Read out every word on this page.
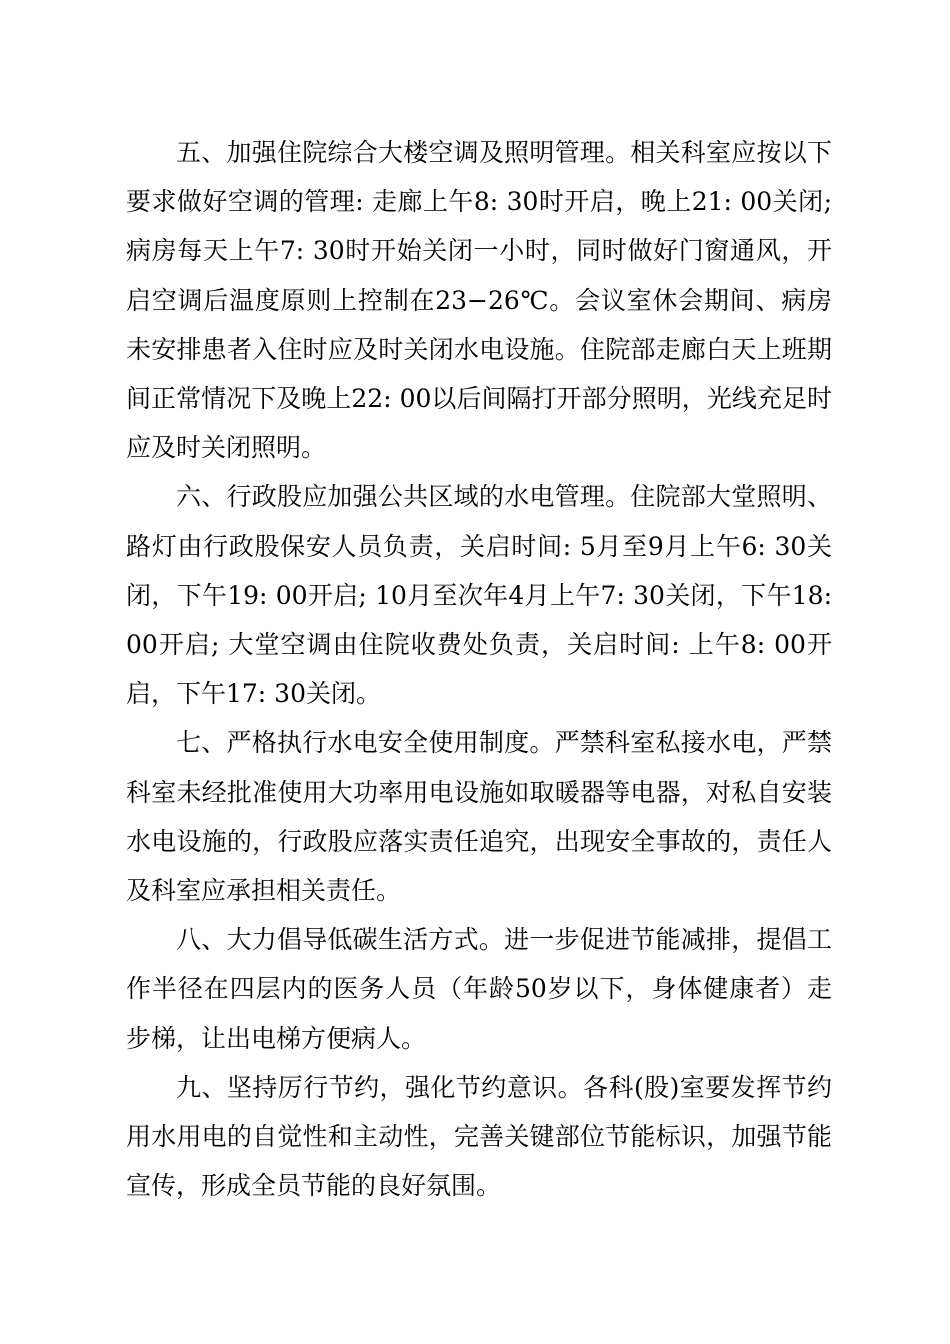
五、加强住院综合大楼空调及照明管理。相关科室应按以下要求做好空调的管理: 走廊上午8: 30时开启，晚上21: 00关闭; 病房每天上午7: 30时开始关闭一小时，同时做好门窗通风，开启空调后温度原则上控制在23−26℃。会议室休会期间、病房未安排患者入住时应及时关闭水电设施。住院部走廊白天上班期间正常情况下及晚上22: 00以后间隔打开部分照明，光线充足时应及时关闭照明。

六、行政股应加强公共区域的水电管理。住院部大堂照明、路灯由行政股保安人员负责，关启时间: 5月至9月上午6: 30关闭，下午19: 00开启; 10月至次年4月上午7: 30关闭，下午18: 00开启; 大堂空调由住院收费处负责，关启时间: 上午8: 00开启，下午17: 30关闭。

七、严格执行水电安全使用制度。严禁科室私接水电，严禁科室未经批准使用大功率用电设施如取暖器等电器，对私自安装水电设施的，行政股应落实责任追究，出现安全事故的，责任人及科室应承担相关责任。

八、大力倡导低碳生活方式。进一步促进节能减排，提倡工作半径在四层内的医务人员（年龄50岁以下，身体健康者）走步梯，让出电梯方便病人。

九、坚持厉行节约，强化节约意识。各科(股)室要发挥节约用水用电的自觉性和主动性，完善关键部位节能标识，加强节能宣传，形成全员节能的良好氛围。
